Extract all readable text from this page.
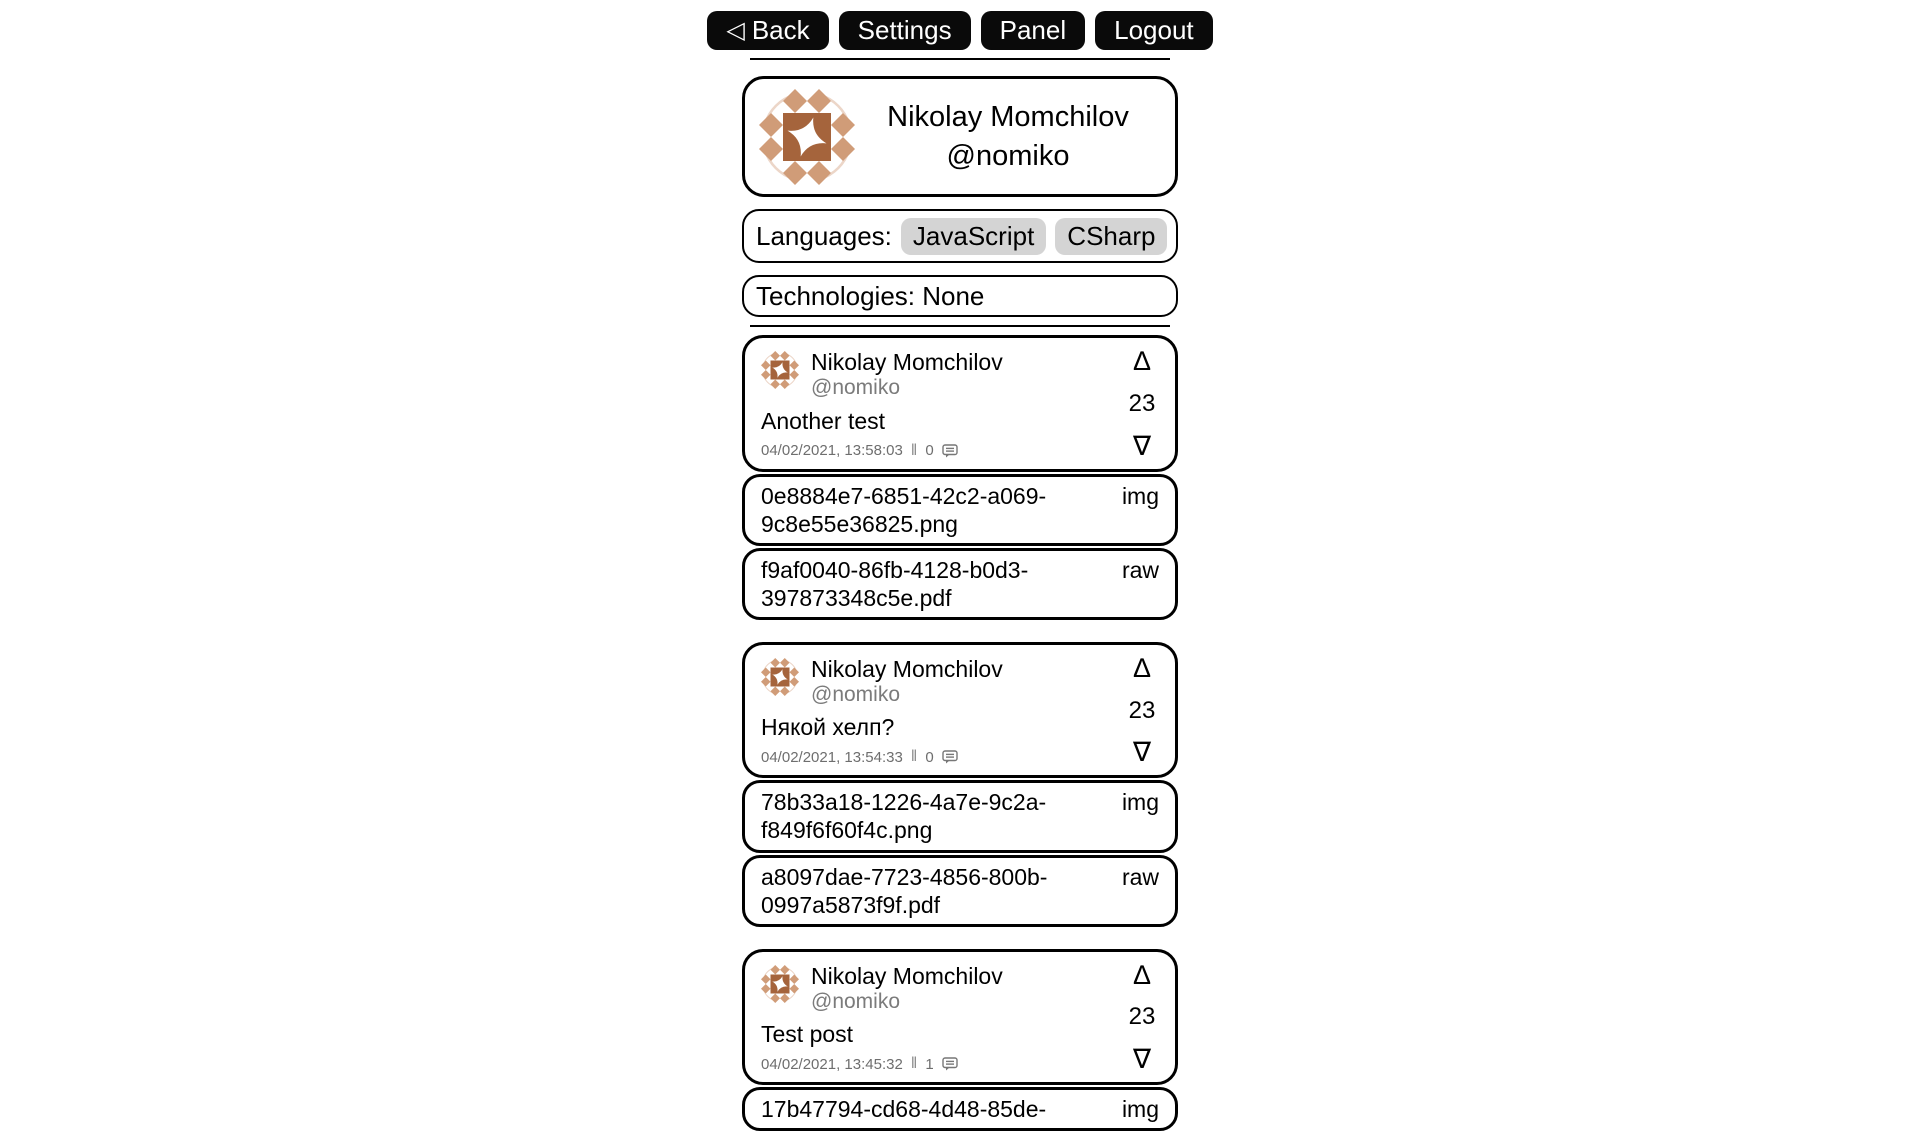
◁ Back	Settings	Panel	Logout
Nikolay Momchilov
@nomiko
Languages: JavaScript	CSharp
Technologies: None
Nikolay Momchilov
@nomiko
Another test
04/02/2021, 13:58:03 ‖ 0
∆
23
∇
0e8884e7-6851-42c2-a069-9c8e55e36825.png
img
f9af0040-86fb-4128-b0d3-397873348c5e.pdf
raw
Nikolay Momchilov
@nomiko
Някой хелп?
04/02/2021, 13:54:33 ‖ 0
∆
23
∇
78b33a18-1226-4a7e-9c2a-f849f6f60f4c.png
img
a8097dae-7723-4856-800b-0997a5873f9f.pdf
raw
Nikolay Momchilov
@nomiko
Test post
04/02/2021, 13:45:32 ‖ 1
∆
23
∇
17b47794-cd68-4d48-85de-	img
